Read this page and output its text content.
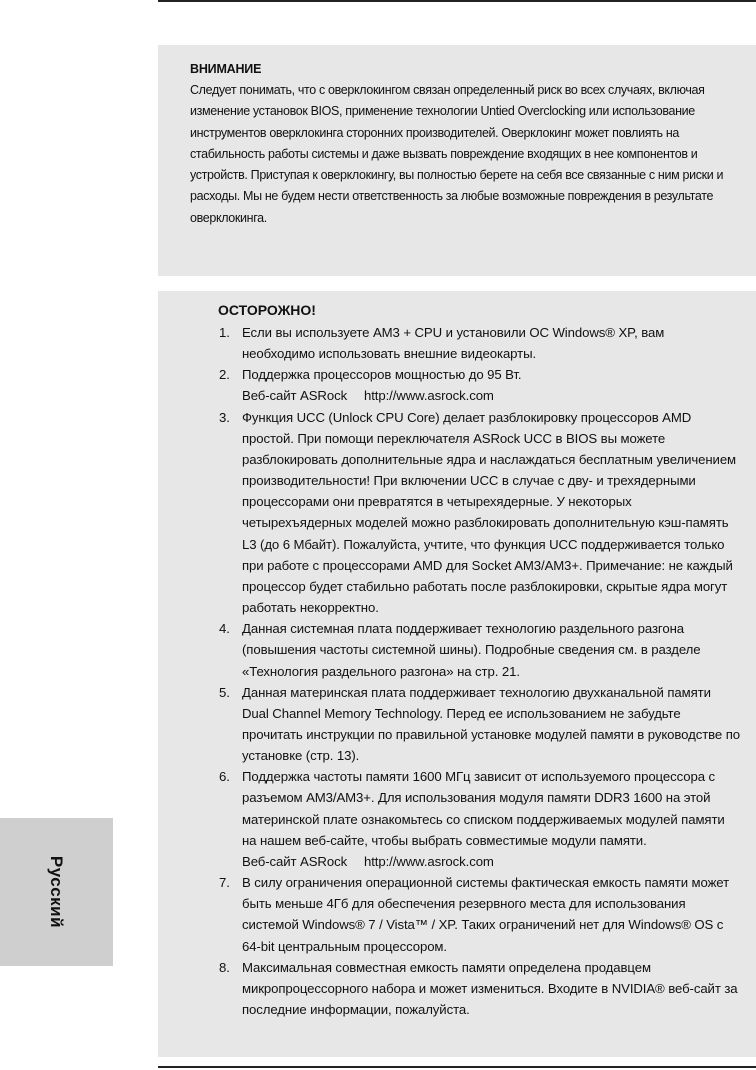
ВНИМАНИЕ
Следует понимать, что с оверклокингом связан определенный риск во всех случаях, включая изменение установок BIOS, применение технологии Untied Overclocking или использование инструментов оверклокинга сторонних производителей. Оверклокинг может повлиять на стабильность работы системы и даже вызвать повреждение входящих в нее компонентов и устройств. Приступая к оверклокингу, вы полностью берете на себя все связанные с ним риски и расходы. Мы не будем нести ответственность за любые возможные повреждения в результате оверклокинга.
ОСТОРОЖНО!
1. Если вы используете AM3 + CPU и установили ОС Windows® XP, вам необходимо использовать внешние видеокарты.
2. Поддержка процессоров мощностью до 95 Вт.
Веб-сайт ASRock http://www.asrock.com
3. Функция UCC (Unlock CPU Core) делает разблокировку процессоров AMD простой. При помощи переключателя ASRock UCC в BIOS вы можете разблокировать дополнительные ядра и наслаждаться бесплатным увеличением производительности! При включении UCC в случае с дву- и трехядерными процессорами они превратятся в четырехядерные. У некоторых четырехъядерных моделей можно разблокировать дополнительную кэш-память L3 (до 6 Мбайт). Пожалуйста, учтите, что функция UCC поддерживается только при работе с процессорами AMD для Socket AM3/AM3+. Примечание: не каждый процессор будет стабильно работать после разблокировки, скрытые ядра могут работать некорректно.
4. Данная системная плата поддерживает технологию раздельного разгона (повышения частоты системной шины). Подробные сведения см. в разделе «Технология раздельного разгона» на стр. 21.
5. Данная материнская плата поддерживает технологию двухканальной памяти Dual Channel Memory Technology. Перед ее использованием не забудьте прочитать инструкции по правильной установке модулей памяти в руководстве по установке (стр. 13).
6. Поддержка частоты памяти 1600 МГц зависит от используемого процессора с разъемом AM3/AM3+. Для использования модуля памяти DDR3 1600 на этой материнской плате ознакомьтесь со списком поддерживаемых модулей памяти на нашем веб-сайте, чтобы выбрать совместимые модули памяти.
Веб-сайт ASRock http://www.asrock.com
7. В силу ограничения операционной системы фактическая емкость памяти может быть меньше 4Гб для обеспечения резервного места для использования системой Windows® 7 / Vista™ / XP. Таких ограничений нет для Windows® OS с 64-bit центральным процессором.
8. Максимальная совместная емкость памяти определена продавцем микропроцессорного набора и может измениться. Входите в NVIDIA® веб-сайт за последние информации, пожалуйста.
Русский
